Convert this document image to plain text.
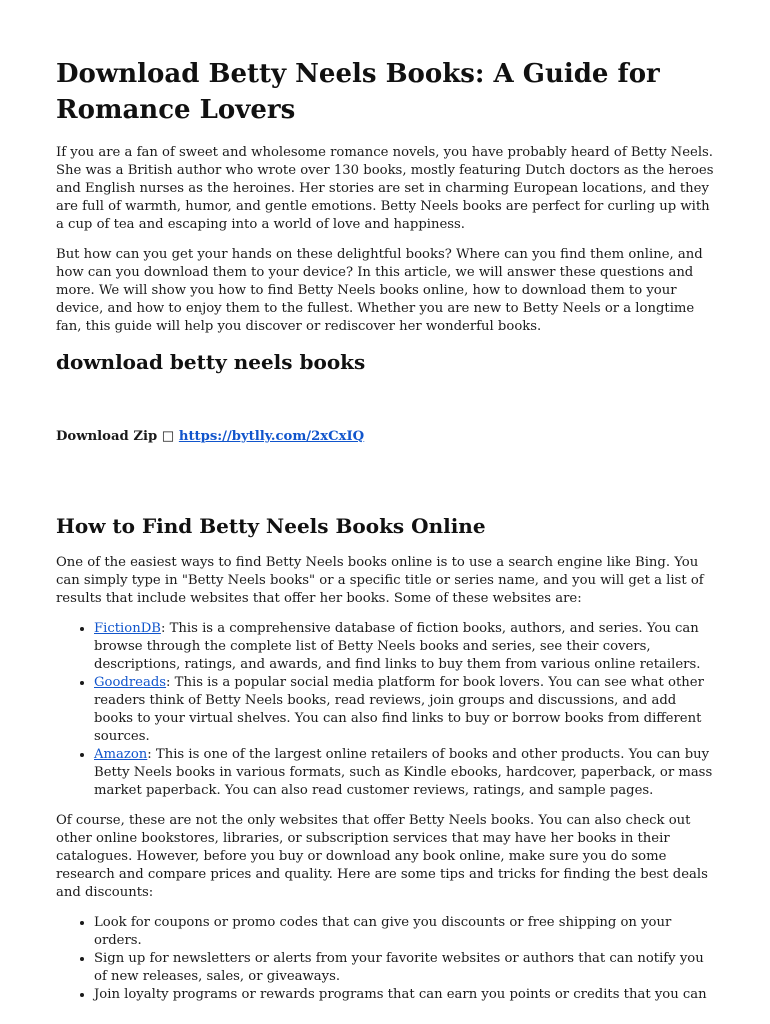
Download Betty Neels Books: A Guide for Romance Lovers

If you are a fan of sweet and wholesome romance novels, you have probably heard of Betty Neels. She was a British author who wrote over 130 books, mostly featuring Dutch doctors as the heroes and English nurses as the heroines. Her stories are set in charming European locations, and they are full of warmth, humor, and gentle emotions. Betty Neels books are perfect for curling up with a cup of tea and escaping into a world of love and happiness.

But how can you get your hands on these delightful books? Where can you find them online, and how can you download them to your device? In this article, we will answer these questions and more. We will show you how to find Betty Neels books online, how to download them to your device, and how to enjoy them to the fullest. Whether you are new to Betty Neels or a longtime fan, this guide will help you discover or rediscover her wonderful books.

download betty neels books
Download Zip □ https://bytlly.com/2xCxIQ
How to Find Betty Neels Books Online

One of the easiest ways to find Betty Neels books online is to use a search engine like Bing. You can simply type in "Betty Neels books" or a specific title or series name, and you will get a list of results that include websites that offer her books. Some of these websites are:

• FictionDB: This is a comprehensive database of fiction books, authors, and series. You can browse through the complete list of Betty Neels books and series, see their covers, descriptions, ratings, and awards, and find links to buy them from various online retailers.
• Goodreads: This is a popular social media platform for book lovers. You can see what other readers think of Betty Neels books, read reviews, join groups and discussions, and add books to your virtual shelves. You can also find links to buy or borrow books from different sources.
• Amazon: This is one of the largest online retailers of books and other products. You can buy Betty Neels books in various formats, such as Kindle ebooks, hardcover, paperback, or mass market paperback. You can also read customer reviews, ratings, and sample pages.

Of course, these are not the only websites that offer Betty Neels books. You can also check out other online bookstores, libraries, or subscription services that may have her books in their catalogues. However, before you buy or download any book online, make sure you do some research and compare prices and quality. Here are some tips and tricks for finding the best deals and discounts:

• Look for coupons or promo codes that can give you discounts or free shipping on your orders.
• Sign up for newsletters or alerts from your favorite websites or authors that can notify you of new releases, sales, or giveaways.
• Join loyalty programs or rewards programs that can earn you points or credits that you can
